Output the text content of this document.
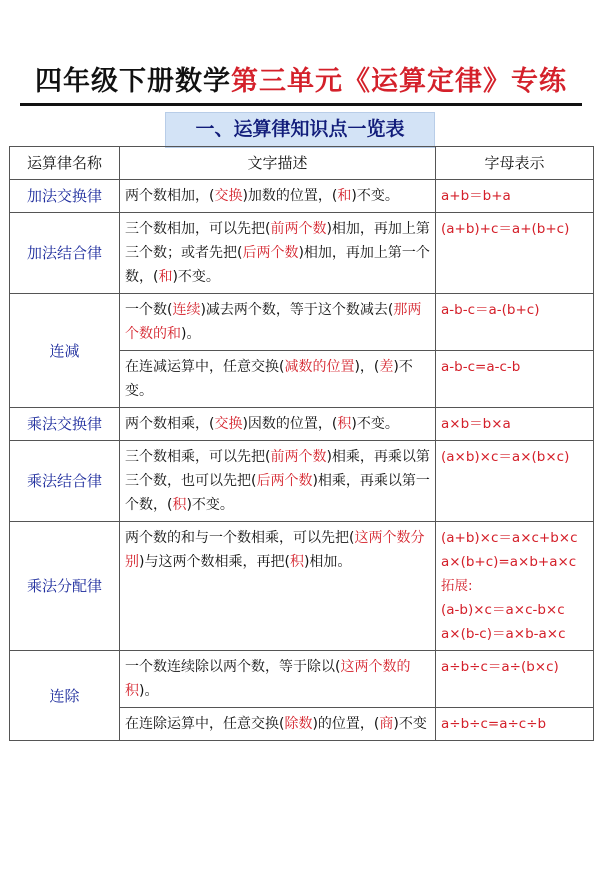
四年级下册数学第三单元《运算定律》专练
一、运算律知识点一览表
运算律名称	文字描述	字母表示
加法交换律	两个数相加，(交换)加数的位置，(和)不变。	a+b＝b+a
加法结合律	三个数相加，可以先把(前两个数)相加，再加上第三个数；或者先把(后两个数)相加，再加上第一个数，(和)不变。	(a+b)+c＝a+(b+c)
连减	一个数(连续)减去两个数，等于这个数减去(那两个数的和)。	a-b-c＝a-(b+c)
	在连减运算中，任意交换(减数的位置)，(差)不变。	a-b-c=a-c-b
乘法交换律	两个数相乘，(交换)因数的位置，(积)不变。	a×b＝b×a
乘法结合律	三个数相乘，可以先把(前两个数)相乘，再乘以第三个数，也可以先把(后两个数)相乘，再乘以第一个数，(积)不变。	(a×b)×c＝a×(b×c)
乘法分配律	两个数的和与一个数相乘，可以先把(这两个数分别)与这两个数相乘，再把(积)相加。	(a+b)×c＝a×c+b×c
a×(b+c)=a×b+a×c
拓展:
(a-b)×c＝a×c-b×c
a×(b-c)＝a×b-a×c

连除	一个数连续除以两个数，等于除以(这两个数的积)。	a÷b÷c＝a÷(b×c)
	在连除运算中，任意交换(除数)的位置，(商)不变	a÷b÷c=a÷c÷b
